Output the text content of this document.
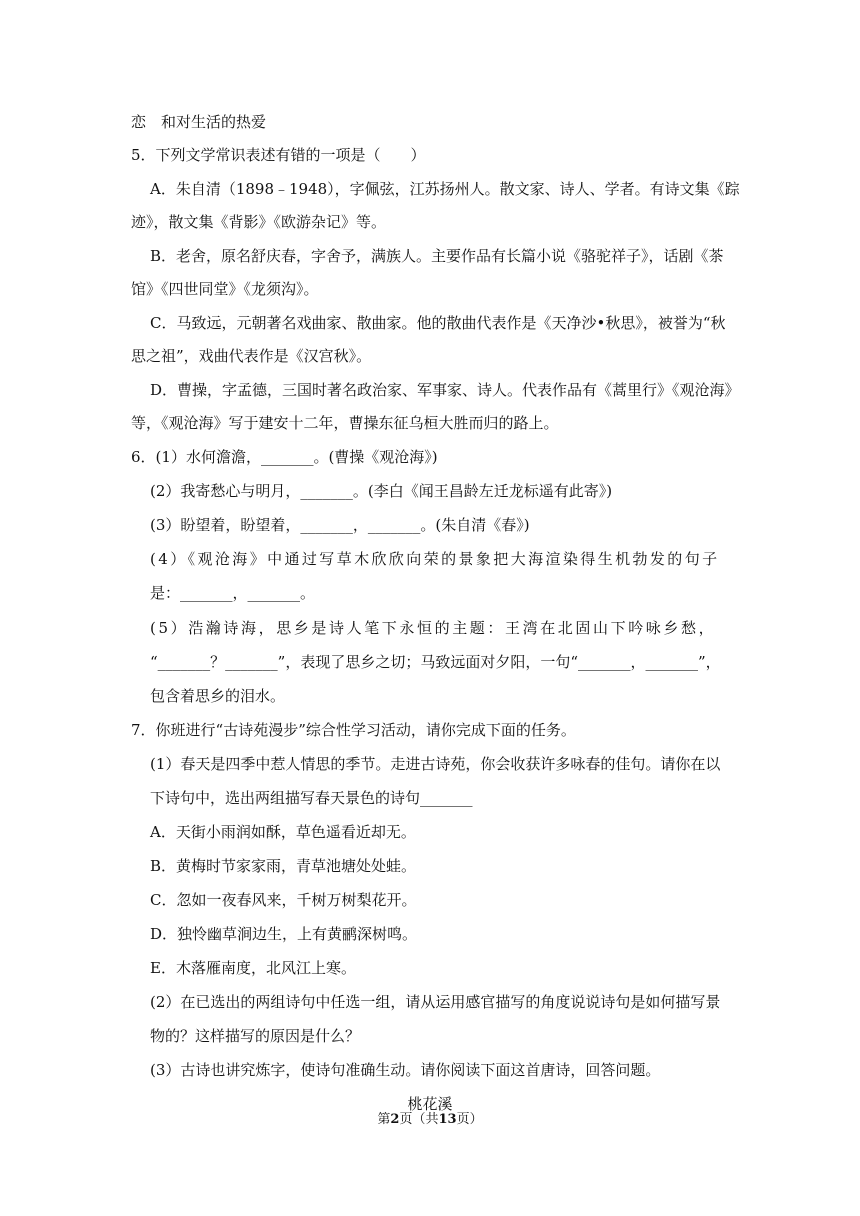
恋　和对生活的热爱
5．下列文学常识表述有错的一项是（　　）
A．朱自清（1898﹣1948），字佩弦，江苏扬州人。散文家、诗人、学者。有诗文集《踪
迹》，散文集《背影》《欧游杂记》等。
B．老舍，原名舒庆春，字舍予，满族人。主要作品有长篇小说《骆驼祥子》，话剧《茶
馆》《四世同堂》《龙须沟》。
C．马致远，元朝著名戏曲家、散曲家。他的散曲代表作是《天净沙•秋思》，被誉为“秋
思之祖”，戏曲代表作是《汉宫秋》。
D．曹操，字孟德，三国时著名政治家、军事家、诗人。代表作品有《蒿里行》《观沧海》
等，《观沧海》写于建安十二年，曹操东征乌桓大胜而归的路上。
6．(1）水何澹澹，_______。(曹操《观沧海》)
(2）我寄愁心与明月，_______。(李白《闻王昌龄左迁龙标遥有此寄》)
(3）盼望着，盼望着，_______，_______。(朱自清《春》)
(4）《观沧海》中通过写草木欣欣向荣的景象把大海渲染得生机勃发的句子
是：_______，_______。
(5）浩瀚诗海，思乡是诗人笔下永恒的主题：王湾在北固山下吟咏乡愁，
“_______？_______”，表现了思乡之切；马致远面对夕阳，一句“_______，_______”，
包含着思乡的泪水。
7．你班进行“古诗苑漫步”综合性学习活动，请你完成下面的任务。
(1）春天是四季中惹人情思的季节。走进古诗苑，你会收获许多咏春的佳句。请你在以
下诗句中，选出两组描写春天景色的诗句_______
A．天街小雨润如酥，草色遥看近却无。
B．黄梅时节家家雨，青草池塘处处蛙。
C．忽如一夜春风来，千树万树梨花开。
D．独怜幽草涧边生，上有黄鹂深树鸣。
E．木落雁南度，北风江上寒。
(2）在已选出的两组诗句中任选一组，请从运用感官描写的角度说说诗句是如何描写景
物的？这样描写的原因是什么？
(3）古诗也讲究炼字，使诗句准确生动。请你阅读下面这首唐诗，回答问题。
桃花溪
第2页（共13页）
